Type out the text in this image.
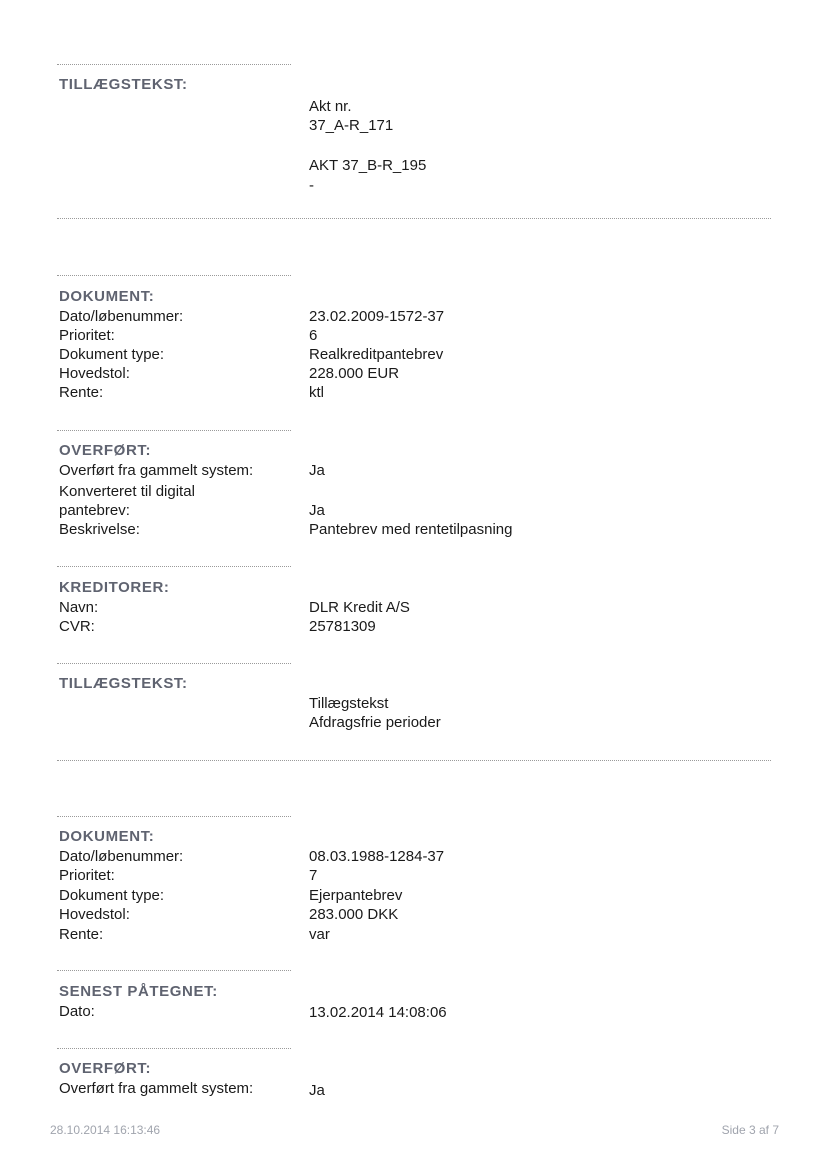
TILLÆGSTEKST:
Akt nr.
37_A-R_171
AKT 37_B-R_195
-
DOKUMENT:
Dato/løbenummer:	23.02.2009-1572-37
Prioritet:	6
Dokument type:	Realkreditpantebrev
Hovedstol:	228.000 EUR
Rente:	ktl
OVERFØRT:
Overført fra gammelt system:	Ja
Konverteret til digital
pantebrev:	Ja
Beskrivelse:	Pantebrev med rentetilpasning
KREDITORER:
Navn:	DLR Kredit A/S
CVR:	25781309
TILLÆGSTEKST:
Tillægstekst
Afdragsfrie perioder
DOKUMENT:
Dato/løbenummer:	08.03.1988-1284-37
Prioritet:	7
Dokument type:	Ejerpantebrev
Hovedstol:	283.000 DKK
Rente:	var
SENEST PÅTEGNET:
Dato:	13.02.2014 14:08:06
OVERFØRT:
Overført fra gammelt system:	Ja
28.10.2014 16:13:46	Side 3 af 7
